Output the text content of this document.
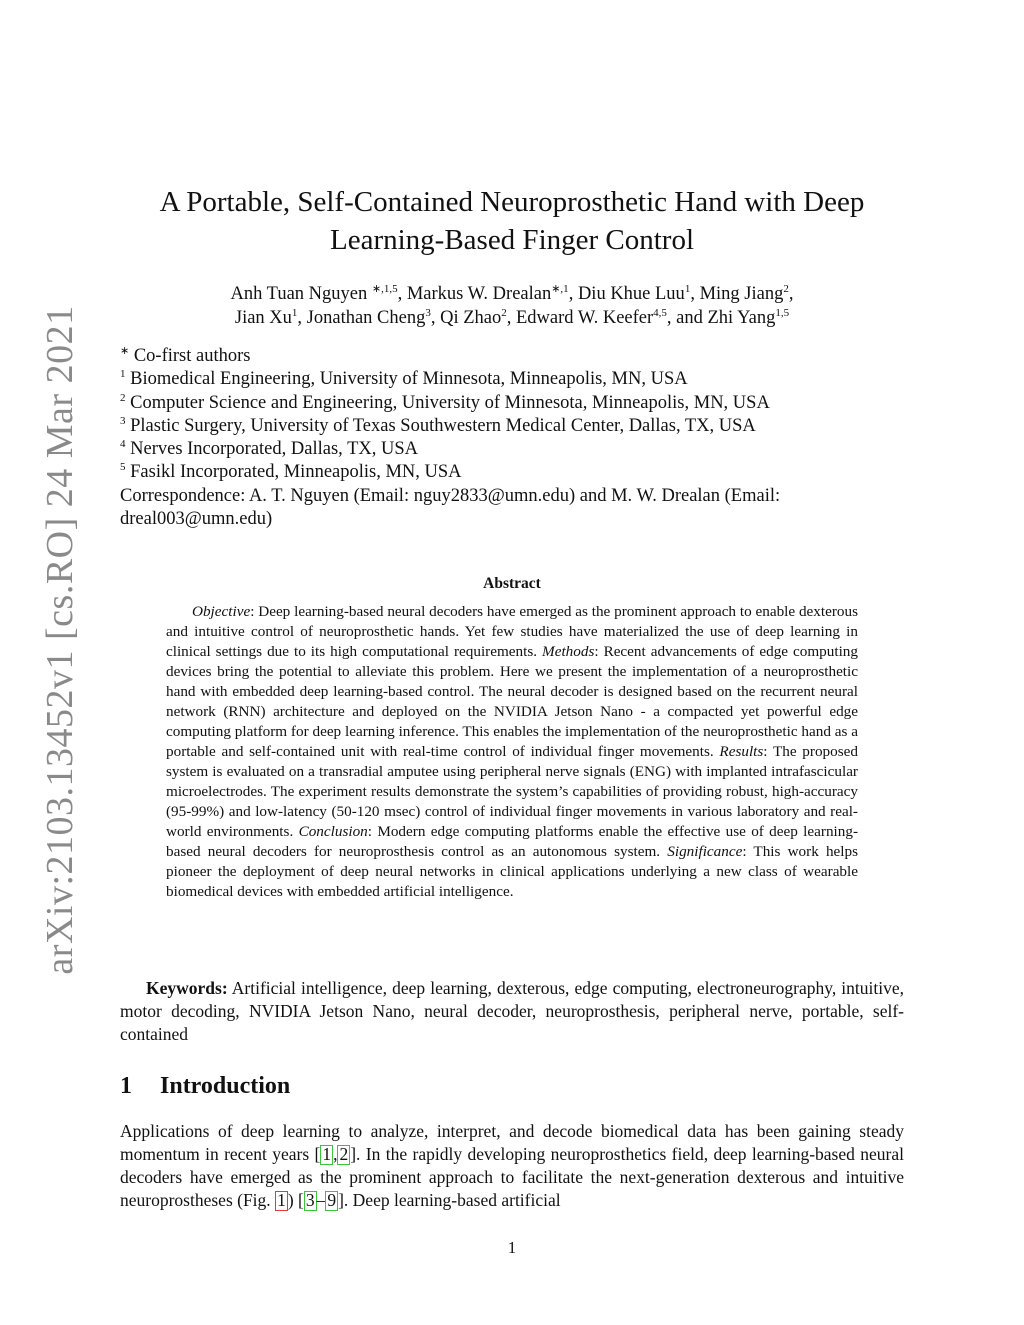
arXiv:2103.13452v1 [cs.RO] 24 Mar 2021
A Portable, Self-Contained Neuroprosthetic Hand with Deep
Learning-Based Finger Control
Anh Tuan Nguyen $^{∗,1,5}$, Markus W. Drealan$^{∗,1}$, Diu Khue Luu$^1$, Ming Jiang$^2$,
Jian Xu$^1$, Jonathan Cheng$^3$, Qi Zhao$^2$, Edward W. Keefer$^{4,5}$, and Zhi Yang$^{1,5}$
∗ Co-first authors
$^1$ Biomedical Engineering, University of Minnesota, Minneapolis, MN, USA
$^2$ Computer Science and Engineering, University of Minnesota, Minneapolis, MN, USA
$^3$ Plastic Surgery, University of Texas Southwestern Medical Center, Dallas, TX, USA
$^4$ Nerves Incorporated, Dallas, TX, USA
$^5$ Fasikl Incorporated, Minneapolis, MN, USA
Correspondence: A. T. Nguyen (Email: nguy2833@umn.edu) and M. W. Drealan (Email: dreal003@umn.edu)
Abstract
Objective: Deep learning-based neural decoders have emerged as the prominent approach to enable dexterous and intuitive control of neuroprosthetic hands. Yet few studies have materialized the use of deep learning in clinical settings due to its high computational requirements. Methods: Recent advancements of edge computing devices bring the potential to alleviate this problem. Here we present the implementation of a neuroprosthetic hand with embedded deep learning-based control. The neural decoder is designed based on the recurrent neural network (RNN) architecture and deployed on the NVIDIA Jetson Nano - a compacted yet powerful edge computing platform for deep learning inference. This enables the implementation of the neuroprosthetic hand as a portable and self-contained unit with real-time control of individual finger movements. Results: The proposed system is evaluated on a transradial amputee using peripheral nerve signals (ENG) with implanted intrafascicular microelectrodes. The experiment results demonstrate the system’s capabilities of providing robust, high-accuracy (95-99%) and low-latency (50-120 msec) control of individual finger movements in various laboratory and real-world environments. Conclusion: Modern edge computing platforms enable the effective use of deep learning-based neural decoders for neuroprosthesis control as an autonomous system. Significance: This work helps pioneer the deployment of deep neural networks in clinical applications underlying a new class of wearable biomedical devices with embedded artificial intelligence.
Keywords: Artificial intelligence, deep learning, dexterous, edge computing, electroneurography, intuitive, motor decoding, NVIDIA Jetson Nano, neural decoder, neuroprosthesis, peripheral nerve, portable, self-contained
1 Introduction
Applications of deep learning to analyze, interpret, and decode biomedical data has been gaining steady momentum in recent years [ 1 , 2 ]. In the rapidly developing neuroprosthetics field, deep learning-based neural decoders have emerged as the prominent approach to facilitate the next-generation dexterous and intuitive neuroprostheses (Fig. 1 ) [ 3 – 9 ]. Deep learning-based artificial
1
